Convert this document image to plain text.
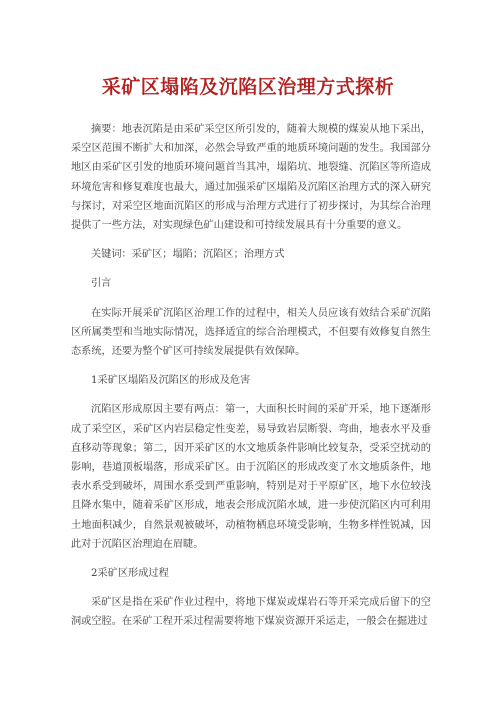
采矿区塌陷及沉陷区治理方式探析

摘要：地表沉陷是由采矿采空区所引发的，随着大规模的煤炭从地下采出，采空区范围不断扩大和加深，必然会导致严重的地质环境问题的发生。我国部分地区由采矿区引发的地质环境问题首当其冲，塌陷坑、地裂缝、沉陷区等所造成环境危害和修复难度也最大，通过加强采矿区塌陷及沉陷区治理方式的深入研究与探讨，对采空区地面沉陷区的形成与治理方式进行了初步探讨，为其综合治理提供了一些方法，对实现绿色矿山建设和可持续发展具有十分重要的意义。

关键词：采矿区；塌陷；沉陷区；治理方式

引言

在实际开展采矿沉陷区治理工作的过程中，相关人员应该有效结合采矿沉陷区所属类型和当地实际情况，选择适宜的综合治理模式，不但要有效修复自然生态系统，还要为整个矿区可持续发展提供有效保障。

1采矿区塌陷及沉陷区的形成及危害

沉陷区形成原因主要有两点：第一，大面积长时间的采矿开采，地下逐渐形成了采空区，采矿区内岩层稳定性变差，易导致岩层断裂、弯曲，地表水平及垂直移动等现象；第二，因开采矿区的水文地质条件影响比较复杂，受采空扰动的影响，巷道顶板塌落，形成采矿区。由于沉陷区的形成改变了水文地质条件，地表水系受到破坏，周围水系受到严重影响，特别是对于平原矿区，地下水位较浅且降水集中，随着采矿区形成，地表会形成沉陷水域，进一步使沉陷区内可利用土地面积减少，自然景观被破坏，动植物栖息环境受影响，生物多样性锐减，因此对于沉陷区治理迫在眉睫。

2采矿区形成过程

采矿区是指在采矿作业过程中，将地下煤炭或煤岩石等开采完成后留下的空洞或空腔。在采矿工程开采过程需要将地下煤炭资源开采运走，一般会在掘进过
